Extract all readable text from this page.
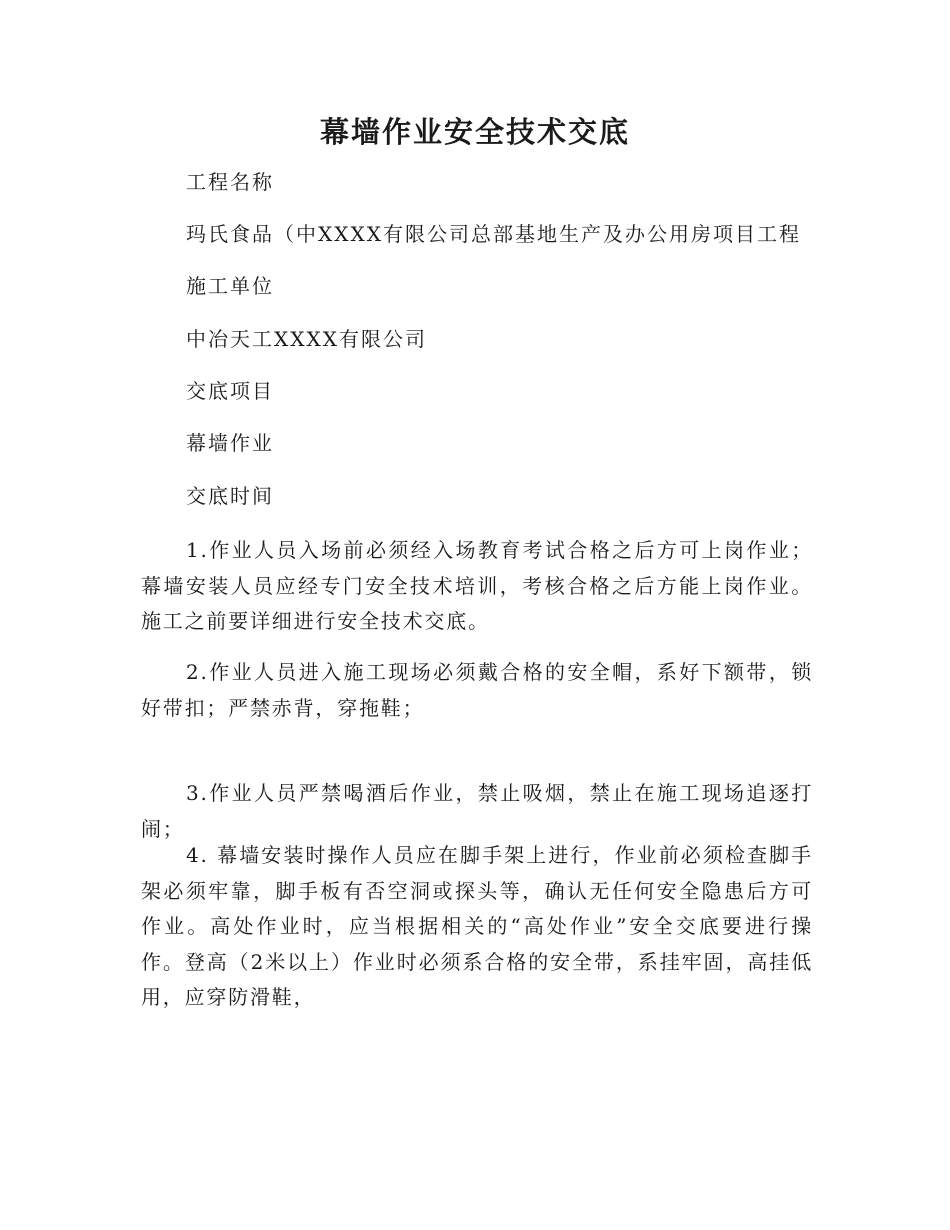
幕墙作业安全技术交底

工程名称

玛氏食品（中XXXX有限公司总部基地生产及办公用房项目工程

施工单位

中冶天工XXXX有限公司

交底项目

幕墙作业

交底时间

1.作业人员入场前必须经入场教育考试合格之后方可上岗作业；幕墙安装人员应经专门安全技术培训，考核合格之后方能上岗作业。施工之前要详细进行安全技术交底。

2.作业人员进入施工现场必须戴合格的安全帽，系好下额带，锁好带扣；严禁赤背，穿拖鞋；

3.作业人员严禁喝酒后作业，禁止吸烟，禁止在施工现场追逐打闹；

4. 幕墙安装时操作人员应在脚手架上进行，作业前必须检查脚手架必须牢靠，脚手板有否空洞或探头等，确认无任何安全隐患后方可作业。高处作业时，应当根据相关的“高处作业”安全交底要进行操作。登高（2米以上）作业时必须系合格的安全带，系挂牢固，高挂低用，应穿防滑鞋，
